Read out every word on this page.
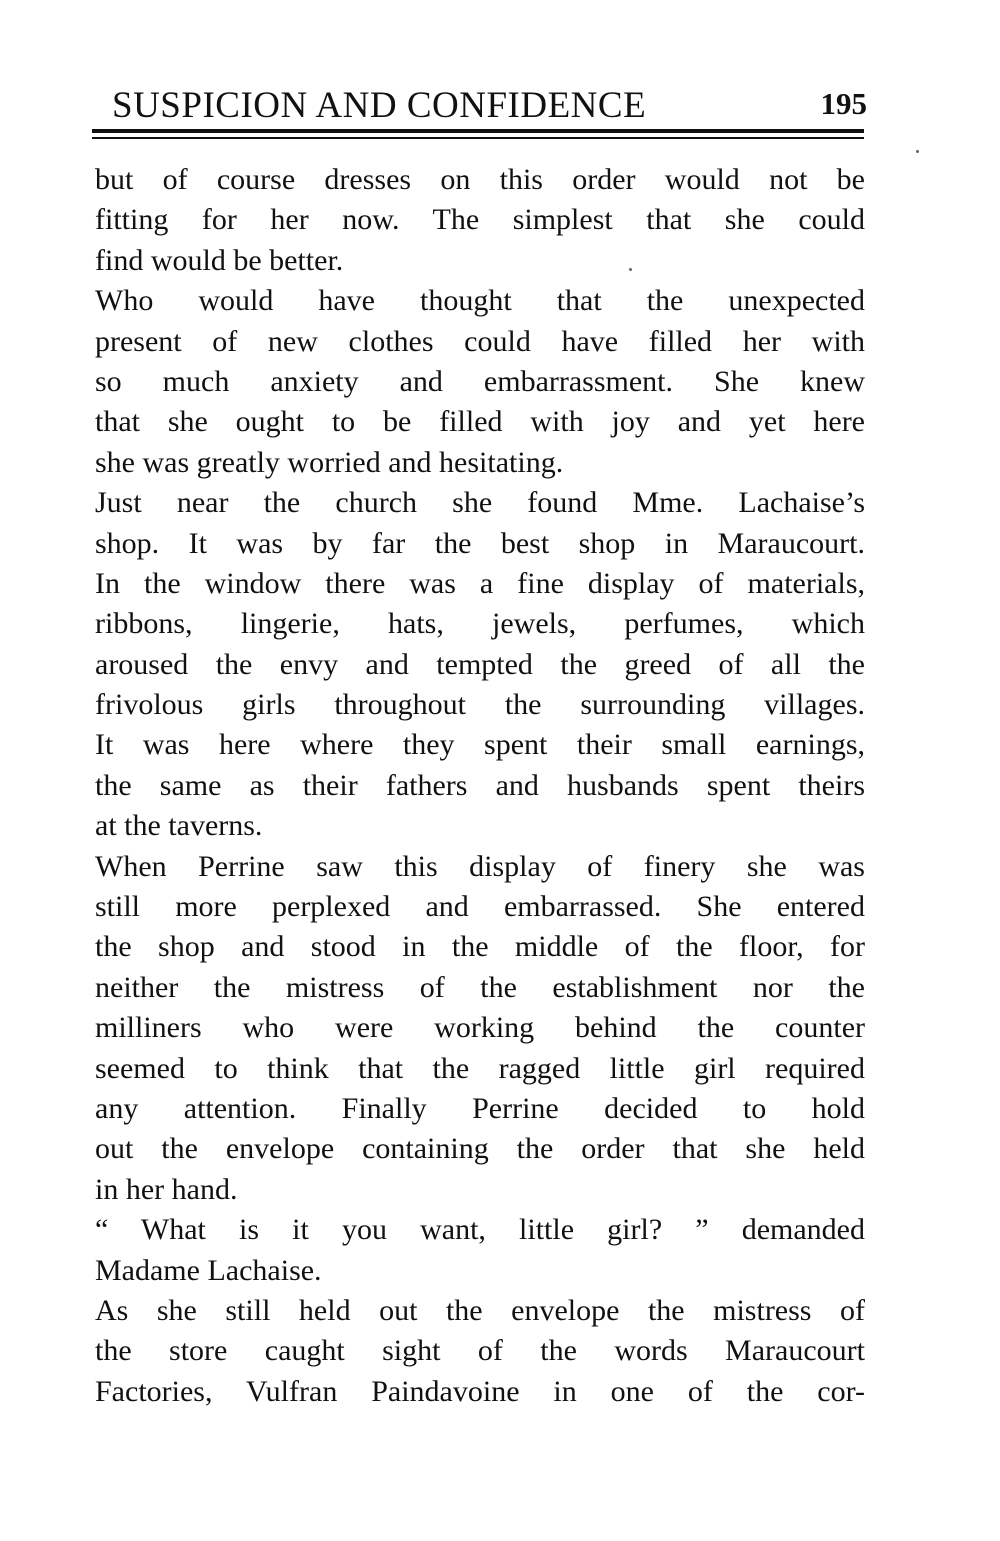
SUSPICION AND CONFIDENCE	195
but of course dresses on this order would not be
fitting for her now. The simplest that she could
find would be better.
Who would have thought that the unexpected
present of new clothes could have filled her with
so much anxiety and embarrassment. She knew
that she ought to be filled with joy and yet here
she was greatly worried and hesitating.
Just near the church she found Mme. Lachaise’s
shop. It was by far the best shop in Maraucourt.
In the window there was a fine display of materials,
ribbons, lingerie, hats, jewels, perfumes, which
aroused the envy and tempted the greed of all the
frivolous girls throughout the surrounding villages.
It was here where they spent their small earnings,
the same as their fathers and husbands spent theirs
at the taverns.
When Perrine saw this display of finery she was
still more perplexed and embarrassed. She entered
the shop and stood in the middle of the floor, for
neither the mistress of the establishment nor the
milliners who were working behind the counter
seemed to think that the ragged little girl required
any attention. Finally Perrine decided to hold
out the envelope containing the order that she held
in her hand.
“ What is it you want, little girl? ” demanded
Madame Lachaise.
As she still held out the envelope the mistress of
the store caught sight of the words Maraucourt
Factories, Vulfran Paindavoine in one of the cor-
